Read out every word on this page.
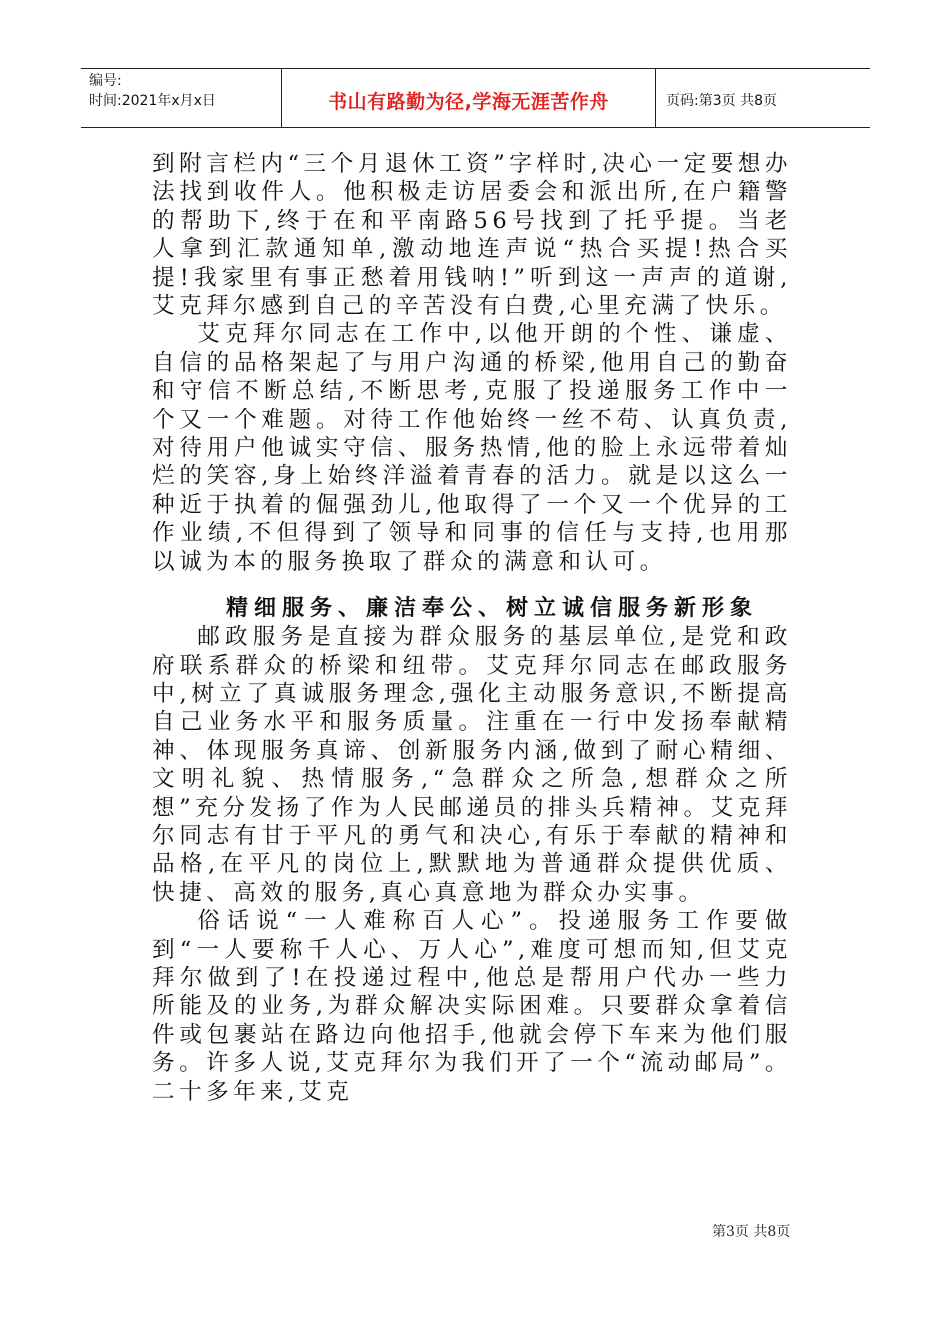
编号:
时间:2021年x月x日	书山有路勤为径,学海无涯苦作舟	页码:第3页 共8页

到附言栏内“三个月退休工资”字样时,决心一定要想办法找到收件人。他积极走访居委会和派出所,在户籍警的帮助下,终于在和平南路56号找到了托乎提。当老人拿到汇款通知单,激动地连声说“热合买提!热合买提!我家里有事正愁着用钱呐!”听到这一声声的道谢,艾克拜尔感到自己的辛苦没有白费,心里充满了快乐。

艾克拜尔同志在工作中,以他开朗的个性、谦虚、自信的品格架起了与用户沟通的桥梁,他用自己的勤奋和守信不断总结,不断思考,克服了投递服务工作中一个又一个难题。对待工作他始终一丝不苟、认真负责,对待用户他诚实守信、服务热情,他的脸上永远带着灿烂的笑容,身上始终洋溢着青春的活力。就是以这么一种近于执着的倔强劲儿,他取得了一个又一个优异的工作业绩,不但得到了领导和同事的信任与支持,也用那以诚为本的服务换取了群众的满意和认可。

精细服务、廉洁奉公、树立诚信服务新形象

邮政服务是直接为群众服务的基层单位,是党和政府联系群众的桥梁和纽带。艾克拜尔同志在邮政服务中,树立了真诚服务理念,强化主动服务意识,不断提高自己业务水平和服务质量。注重在一行中发扬奉献精神、体现服务真谛、创新服务内涵,做到了耐心精细、文明礼貌、热情服务,“急群众之所急,想群众之所想”充分发扬了作为人民邮递员的排头兵精神。艾克拜尔同志有甘于平凡的勇气和决心,有乐于奉献的精神和品格,在平凡的岗位上,默默地为普通群众提供优质、快捷、高效的服务,真心真意地为群众办实事。

俗话说“一人难称百人心”。投递服务工作要做到“一人要称千人心、万人心”,难度可想而知,但艾克拜尔做到了!在投递过程中,他总是帮用户代办一些力所能及的业务,为群众解决实际困难。只要群众拿着信件或包裹站在路边向他招手,他就会停下车来为他们服务。许多人说,艾克拜尔为我们开了一个“流动邮局”。二十多年来,艾克

第3页 共8页
